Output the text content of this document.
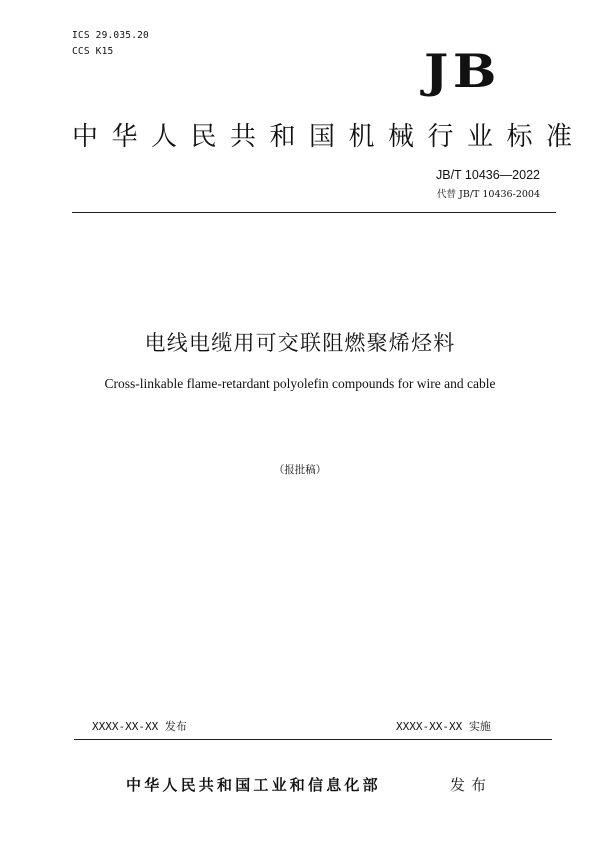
ICS 29.035.20
CCS K15	JB
中华人民共和国机械行业标准
JB/T 10436—2022
代替 JB/T 10436-2004
电线电缆用可交联阻燃聚烯烃料
Cross-linkable flame-retardant polyolefin compounds for wire and cable
（报批稿）
XXXX-XX-XX 发布	XXXX-XX-XX 实施
中华人民共和国工业和信息化部	发布
